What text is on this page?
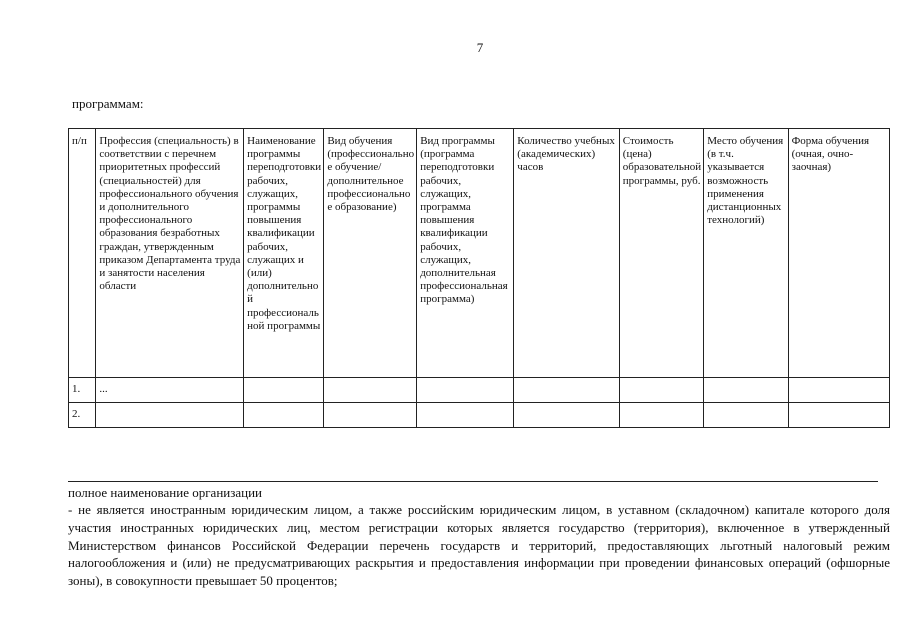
7
программам:
п/п	Профессия (специальность) в соответствии с перечнем приоритетных профессий (специальностей) для профессионального обучения и дополнительного профессионального образования безработных граждан, утвержденным приказом Департамента труда и занятости населения области	Наименование программы переподготовки рабочих, служащих, программы повышения квалификации рабочих, служащих и (или) дополнительной профессиональной программы	Вид обучения (профессиональное обучение/дополнительное профессиональное образование)	Вид программы (программа переподготовки рабочих, служащих, программа повышения квалификации рабочих, служащих, дополнительная профессиональная программа)	Количество учебных (академических) часов	Стоимость (цена) образовательной программы, руб.	Место обучения (в т.ч. указывается возможность применения дистанционных технологий)	Форма обучения (очная, очно-заочная)
1.	...							
2.								
полное наименование организации
- не является иностранным юридическим лицом, а также российским юридическим лицом, в уставном (складочном) капитале которого доля участия иностранных юридических лиц, местом регистрации которых является государство (территория), включенное в утвержденный Министерством финансов Российской Федерации перечень государств и территорий, предоставляющих льготный налоговый режим налогообложения и (или) не предусматривающих раскрытия и предоставления информации при проведении финансовых операций (офшорные зоны), в совокупности превышает 50 процентов;
